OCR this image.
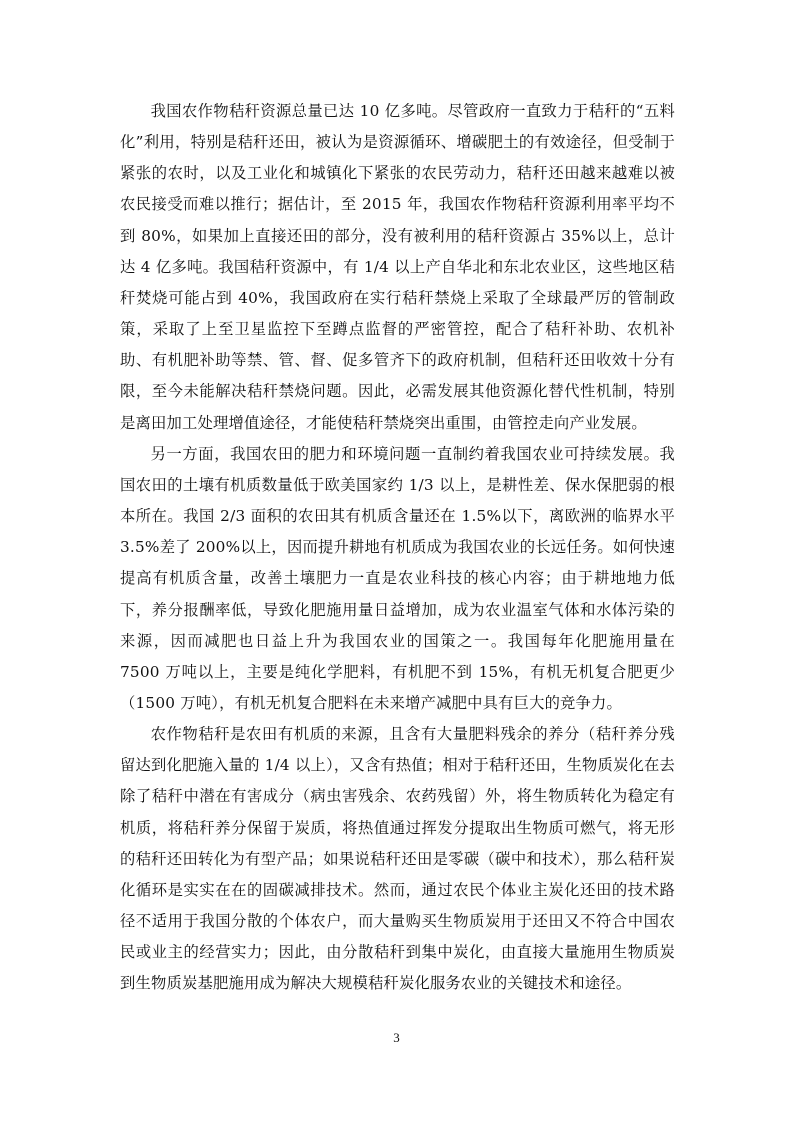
我国农作物秸秆资源总量已达 10 亿多吨。尽管政府一直致力于秸秆的“五料化”利用，特别是秸秆还田，被认为是资源循环、增碳肥土的有效途径，但受制于紧张的农时，以及工业化和城镇化下紧张的农民劳动力，秸秆还田越来越难以被农民接受而难以推行；据估计，至 2015 年，我国农作物秸秆资源利用率平均不到 80%，如果加上直接还田的部分，没有被利用的秸秆资源占 35%以上，总计达 4 亿多吨。我国秸秆资源中，有 1/4 以上产自华北和东北农业区，这些地区秸秆焚烧可能占到 40%，我国政府在实行秸秆禁烧上采取了全球最严厉的管制政策，采取了上至卫星监控下至蹲点监督的严密管控，配合了秸秆补助、农机补助、有机肥补助等禁、管、督、促多管齐下的政府机制，但秸秆还田收效十分有限，至今未能解决秸秆禁烧问题。因此，必需发展其他资源化替代性机制，特别是离田加工处理增值途径，才能使秸秆禁烧突出重围，由管控走向产业发展。

另一方面，我国农田的肥力和环境问题一直制约着我国农业可持续发展。我国农田的土壤有机质数量低于欧美国家约 1/3 以上，是耕性差、保水保肥弱的根本所在。我国 2/3 面积的农田其有机质含量还在 1.5%以下，离欧洲的临界水平 3.5%差了 200%以上，因而提升耕地有机质成为我国农业的长远任务。如何快速提高有机质含量，改善土壤肥力一直是农业科技的核心内容；由于耕地地力低下，养分报酬率低，导致化肥施用量日益增加，成为农业温室气体和水体污染的来源，因而减肥也日益上升为我国农业的国策之一。我国每年化肥施用量在 7500 万吨以上，主要是纯化学肥料，有机肥不到 15%，有机无机复合肥更少（1500 万吨），有机无机复合肥料在未来增产减肥中具有巨大的竞争力。

农作物秸秆是农田有机质的来源，且含有大量肥料残余的养分（秸秆养分残留达到化肥施入量的 1/4 以上），又含有热值；相对于秸秆还田，生物质炭化在去除了秸秆中潜在有害成分（病虫害残余、农药残留）外，将生物质转化为稳定有机质，将秸秆养分保留于炭质，将热值通过挥发分提取出生物质可燃气，将无形的秸秆还田转化为有型产品；如果说秸秆还田是零碳（碳中和技术），那么秸秆炭化循环是实实在在的固碳减排技术。然而，通过农民个体业主炭化还田的技术路径不适用于我国分散的个体农户，而大量购买生物质炭用于还田又不符合中国农民或业主的经营实力；因此，由分散秸秆到集中炭化，由直接大量施用生物质炭到生物质炭基肥施用成为解决大规模秸秆炭化服务农业的关键技术和途径。

3
